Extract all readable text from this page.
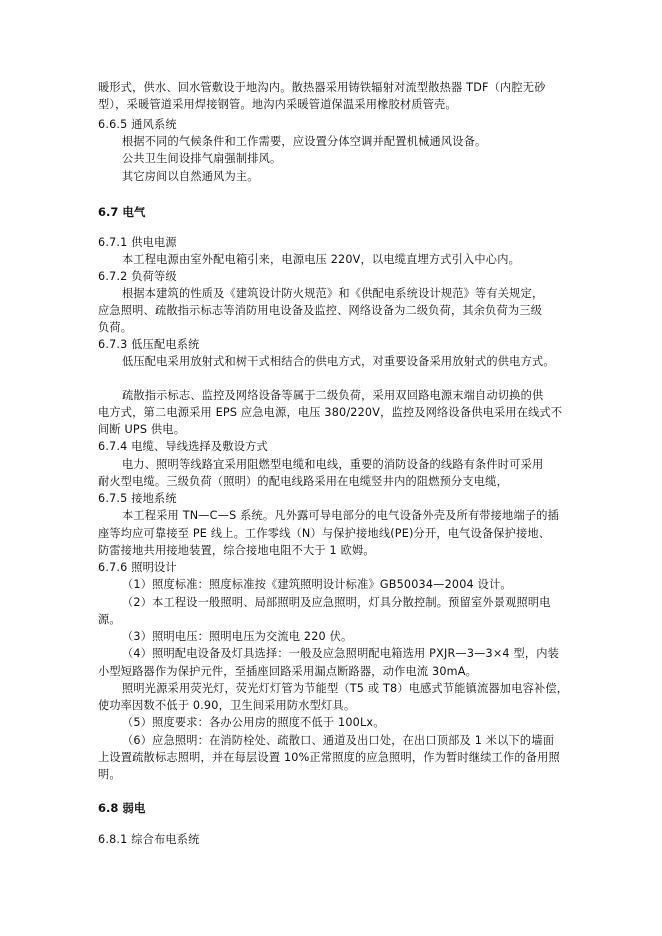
暖形式，供水、回水管敷设于地沟内。散热器采用铸铁辐射对流型散热器 TDF（内腔无砂
型），采暖管道采用焊接钢管。地沟内采暖管道保温采用橡胶材质管壳。
6.6.5 通风系统
根据不同的气候条件和工作需要，应设置分体空调并配置机械通风设备。
公共卫生间设排气扇强制排风。
其它房间以自然通风为主。
6.7 电气
6.7.1 供电电源
本工程电源由室外配电箱引来，电源电压 220V，以电缆直埋方式引入中心内。
6.7.2 负荷等级
根据本建筑的性质及《建筑设计防火规范》和《供配电系统设计规范》等有关规定，
应急照明、疏散指示标志等消防用电设备及监控、网络设备为二级负荷，其余负荷为三级
负荷。
6.7.3 低压配电系统
低压配电采用放射式和树干式相结合的供电方式，对重要设备采用放射式的供电方式。
疏散指示标志、监控及网络设备等属于二级负荷，采用双回路电源末端自动切换的供
电方式，第二电源采用 EPS 应急电源，电压 380/220V，监控及网络设备供电采用在线式不
间断 UPS 供电。
6.7.4 电缆、导线选择及敷设方式
电力、照明等线路宜采用阻燃型电缆和电线，重要的消防设备的线路有条件时可采用
耐火型电缆。三级负荷（照明）的配电线路采用在电缆竖井内的阻燃预分支电缆，
6.7.5 接地系统
本工程采用 TN—C—S 系统。凡外露可导电部分的电气设备外壳及所有带接地端子的插
座等均应可靠接至 PE 线上。工作零线（N）与保护接地线(PE)分开，电气设备保护接地、
防雷接地共用接地装置，综合接地电阻不大于 1 欧姆。
6.7.6 照明设计
（1）照度标准：照度标准按《建筑照明设计标准》GB50034—2004 设计。
（2）本工程设一般照明、局部照明及应急照明，灯具分散控制。预留室外景观照明电
源。
（3）照明电压：照明电压为交流电 220 伏。
（4）照明配电设备及灯具选择：一般及应急照明配电箱选用 PXJR—3—3×4 型，内装
小型短路器作为保护元件，至插座回路采用漏点断路器，动作电流 30mA。
照明光源采用荧光灯，荧光灯灯管为节能型（T5 或 T8）电感式节能镇流器加电容补偿，
使功率因数不低于 0.90，卫生间采用防水型灯具。
（5）照度要求：各办公用房的照度不低于 100Lx。
（6）应急照明：在消防栓处、疏散口、通道及出口处，在出口顶部及 1 米以下的墙面
上设置疏散标志照明，并在每层设置 10%正常照度的应急照明，作为暂时继续工作的备用照
明。
6.8 弱电
6.8.1 综合布电系统
